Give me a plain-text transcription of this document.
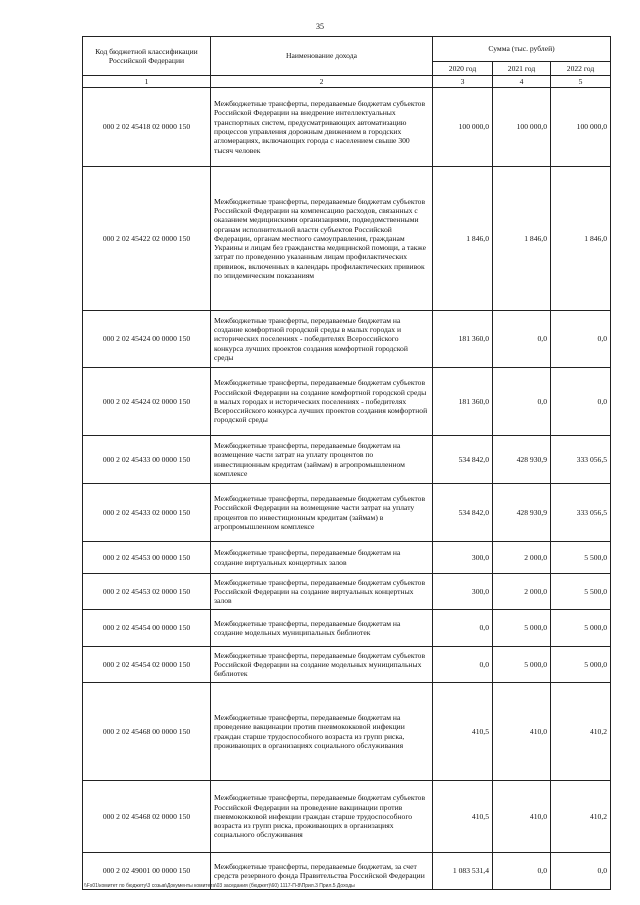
35
Код бюджетной классификации Российской Федерации	Наименование дохода	Сумма (тыс. рублей)		
		2020 год	2021 год	2022 год
1	2	3	4	5
000 2 02 45418 02 0000 150	Межбюджетные трансферты, передаваемые бюджетам субъектов Российской Федерации на внедрение интеллектуальных транспортных систем, предусматривающих автоматизацию процессов управления дорожным движением в городских агломерациях, включающих города с населением свыше 300 тысяч человек	100 000,0	100 000,0	100 000,0
000 2 02 45422 02 0000 150	Межбюджетные трансферты, передаваемые бюджетам субъектов Российской Федерации на компенсацию расходов, связанных с оказанием медицинскими организациями, подведомственными органам исполнительной власти субъектов Российской Федерации, органам местного самоуправления, гражданам Украины и лицам без гражданства медицинской помощи, а также затрат по проведению указанным лицам профилактических прививок, включенных в календарь профилактических прививок по эпидемическим показаниям	1 846,0	1 846,0	1 846,0
000 2 02 45424 00 0000 150	Межбюджетные трансферты, передаваемые бюджетам на создание комфортной городской среды в малых городах и исторических поселениях - победителях Всероссийского конкурса лучших проектов создания комфортной городской среды	181 360,0	0,0	0,0
000 2 02 45424 02 0000 150	Межбюджетные трансферты, передаваемые бюджетам субъектов Российской Федерации на создание комфортной городской среды в малых городах и исторических поселениях - победителях Всероссийского конкурса лучших проектов создания комфортной городской среды	181 360,0	0,0	0,0
000 2 02 45433 00 0000 150	Межбюджетные трансферты, передаваемые бюджетам на возмещение части затрат на уплату процентов по инвестиционным кредитам (займам) в агропромышленном комплексе	534 842,0	428 930,9	333 056,5
000 2 02 45433 02 0000 150	Межбюджетные трансферты, передаваемые бюджетам субъектов Российской Федерации на возмещение части затрат на уплату процентов по инвестиционным кредитам (займам) в агропромышленном комплексе	534 842,0	428 930,9	333 056,5
000 2 02 45453 00 0000 150	Межбюджетные трансферты, передаваемые бюджетам на создание виртуальных концертных залов	300,0	2 000,0	5 500,0
000 2 02 45453 02 0000 150	Межбюджетные трансферты, передаваемые бюджетам субъектов Российской Федерации на создание виртуальных концертных залов	300,0	2 000,0	5 500,0
000 2 02 45454 00 0000 150	Межбюджетные трансферты, передаваемые бюджетам на создание модельных муниципальных библиотек	0,0	5 000,0	5 000,0
000 2 02 45454 02 0000 150	Межбюджетные трансферты, передаваемые бюджетам субъектов Российской Федерации на создание модельных муниципальных библиотек	0,0	5 000,0	5 000,0
000 2 02 45468 00 0000 150	Межбюджетные трансферты, передаваемые бюджетам на проведение вакцинации против пневмококковой инфекции граждан старше трудоспособного возраста из групп риска, проживающих в организациях социального обслуживания	410,5	410,0	410,2
000 2 02 45468 02 0000 150	Межбюджетные трансферты, передаваемые бюджетам субъектов Российской Федерации на проведение вакцинации против пневмококковой инфекции граждан старше трудоспособного возраста из групп риска, проживающих в организациях социального обслуживания	410,5	410,0	410,2
000 2 02 49001 00 0000 150	Межбюджетные трансферты, передаваемые бюджетам, за счет средств резервного фонда Правительства Российской Федерации	1 083 531,4	0,0	0,0
\\Fs01\комитет по бюджету\3 созыв\Документы комитета\03 заседания (бюджет)\60) 1117-П-8\Прил.3 Прил.5 Доходы
